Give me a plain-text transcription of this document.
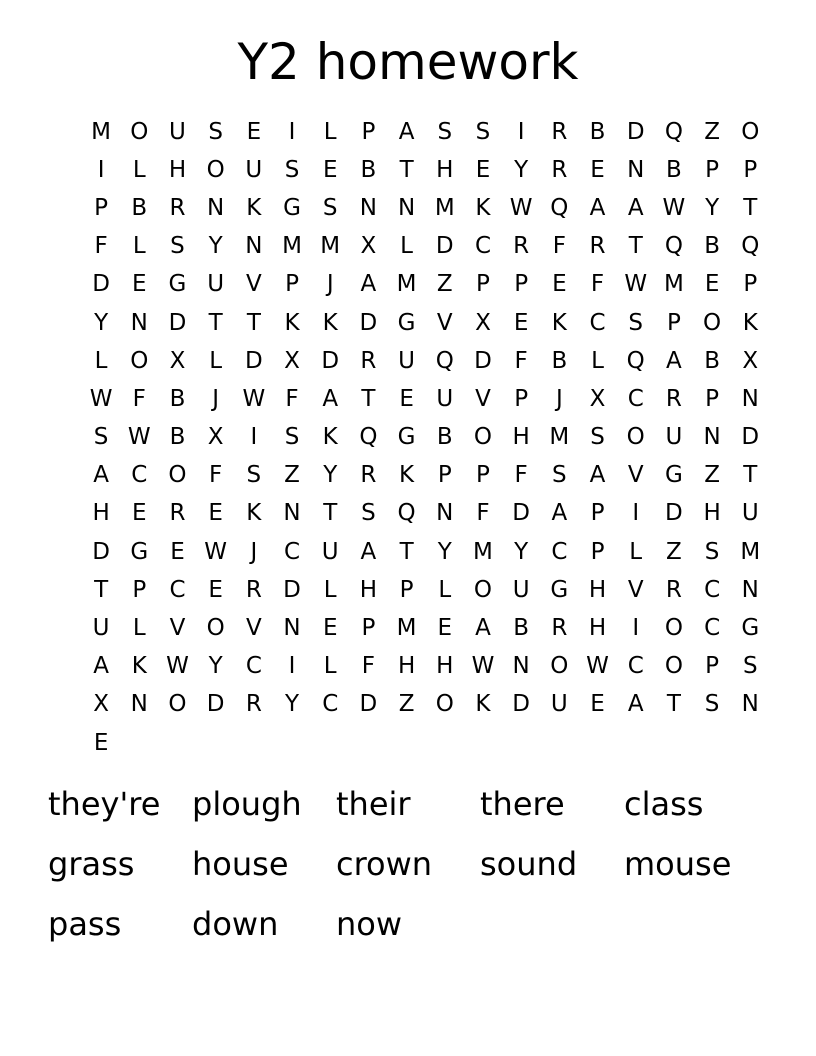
Y2 homework
M O U S	E	I	L	P	A	S	S	I	R B D Q Z O
I	L	H O U S	E	B	T H E	Y	R E N B	P	P
P	B R N K G S N N M K W Q A A W Y	T
F	L	S	Y N M M X	L D C R	F	R	T Q B Q
D E G U V	P	J	A M Z	P	P	E	F W M E	P
Y N D T	T	K	K D G V X	E	K C S	P O K
L O X	L D X D R U Q D F	B	L Q A B X
W F	B	J	W F	A	T	E U V	P	J	X C R	P N
S W B X	I	S	K Q G B O H M S O U N D
A C O F	S	Z	Y	R K	P	P	F	S	A V G Z	T
H E R E	K N T	S Q N F D A	P	I	D H U
D G E W	J	C U A	T	Y M Y	C	P	L	Z	S M
T	P	C E R D L	H P	L O U G H V R C N
U	L	V O V N E	P M E	A B R H	I	O C G
A K W Y	C	I	L	F H H W N O W C O P	S
X N O D R	Y	C D Z O K D U E	A	T	S N
E
they're plough	their	there	class
grass	house	crown	sound	mouse
pass	down	now
